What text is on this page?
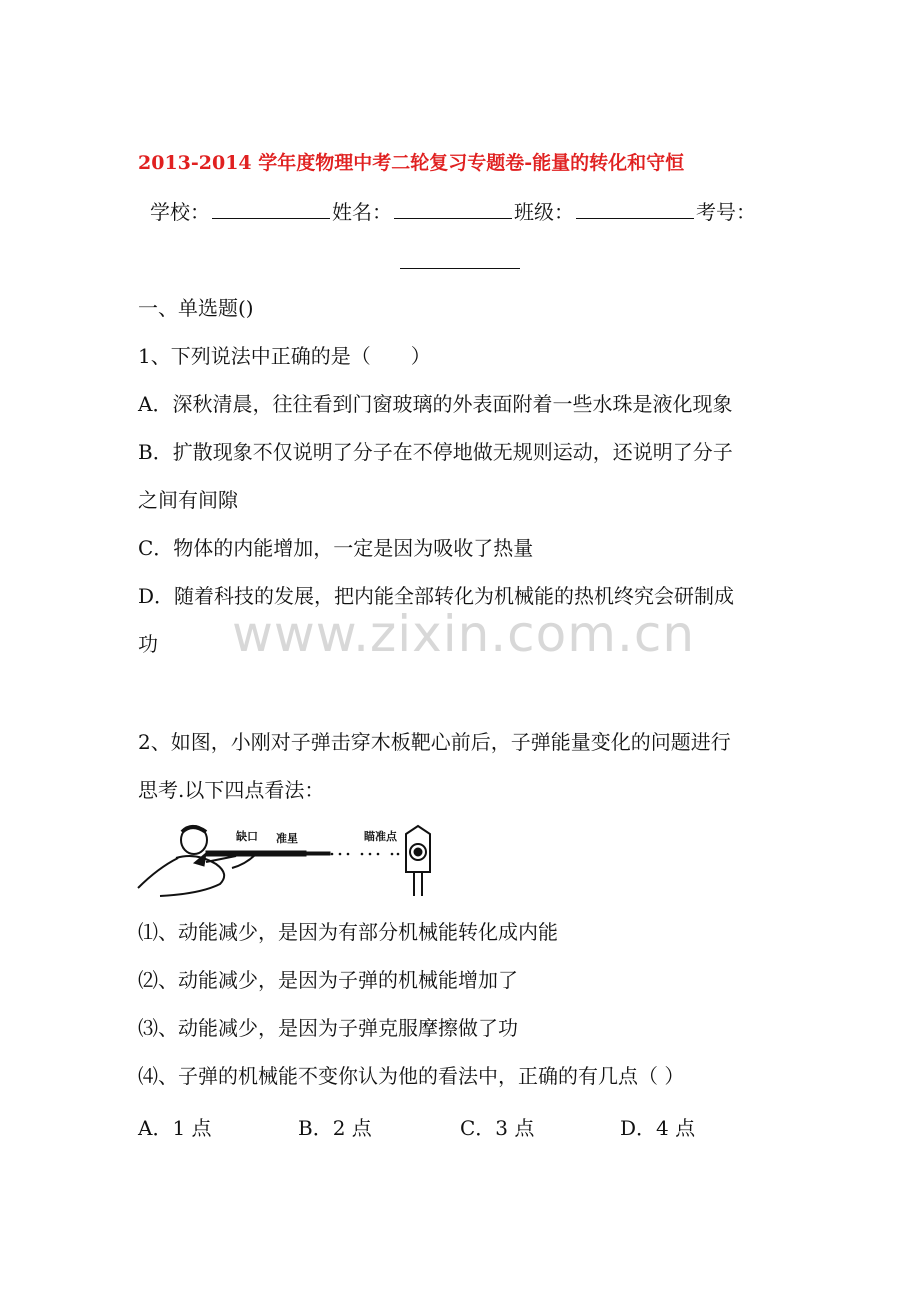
2013-2014 学年度物理中考二轮复习专题卷-能量的转化和守恒
学校：	姓名：	班级：	考号：
一、单选题()
1、下列说法中正确的是（　　）
A．深秋清晨，往往看到门窗玻璃的外表面附着一些水珠是液化现象
B．扩散现象不仅说明了分子在不停地做无规则运动，还说明了分子
之间有间隙
C．物体的内能增加，一定是因为吸收了热量
D．随着科技的发展，把内能全部转化为机械能的热机终究会研制成
功 www.zixin.com.cn
2、如图，小刚对子弹击穿木板靶心前后，子弹能量变化的问题进行
思考.以下四点看法：
缺口 准星	瞄准点
⑴、动能减少，是因为有部分机械能转化成内能
⑵、动能减少，是因为子弹的机械能增加了
⑶、动能减少，是因为子弹克服摩擦做了功
⑷、子弹的机械能不变你认为他的看法中，正确的有几点（ ）
A．1 点	B．2 点	C．3 点	D．4 点
